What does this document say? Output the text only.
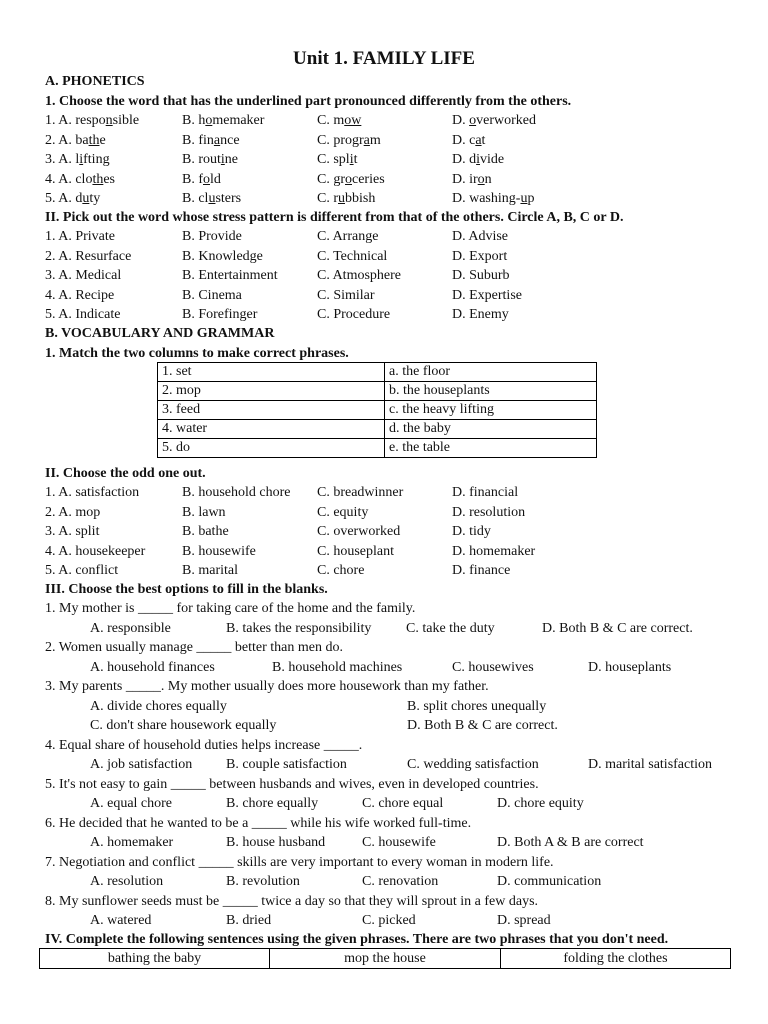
Unit 1. FAMILY LIFE
A. PHONETICS
1. Choose the word that has the underlined part pronounced differently from the others.
1. A. responsible	B. homemaker	C. mow	D. overworked
2. A. bathe	B. finance	C. program	D. cat
3. A. lifting	B. routine	C. split	D. divide
4. A. clothes	B. fold	C. groceries	D. iron
5. A. duty	B. clusters	C. rubbish	D. washing-up
II. Pick out the word whose stress pattern is different from that of the others. Circle A, B, C or D.
1. A. Private	B. Provide	C. Arrange	D. Advise
2. A. Resurface	B. Knowledge	C. Technical	D. Export
3. A. Medical	B. Entertainment	C. Atmosphere	D. Suburb
4. A. Recipe	B. Cinema	C. Similar	D. Expertise
5. A. Indicate	B. Forefinger	C. Procedure	D. Enemy
B. VOCABULARY AND GRAMMAR
1. Match the two columns to make correct phrases.
1. set	a. the floor
2. mop	b. the houseplants
3. feed	c. the heavy lifting
4. water	d. the baby
5. do	e. the table
II. Choose the odd one out.
1. A. satisfaction	B. household chore C. breadwinner	D. financial
2. A. mop	B. lawn	C. equity	D. resolution
3. A. split	B. bathe	C. overworked	D. tidy
4. A. housekeeper	B. housewife	C. houseplant	D. homemaker
5. A. conflict	B. marital	C. chore	D. finance
III. Choose the best options to fill in the blanks.
1. My mother is _____ for taking care of the home and the family.
A. responsible	B. takes the responsibility C. take the duty	D. Both B & C are correct.
2. Women usually manage _____ better than men do.
A. household finances	B. household machines	C. housewives	D. houseplants
3. My parents _____. My mother usually does more housework than my father.
A. divide chores equally	B. split chores unequally
C. don't share housework equally	D. Both B & C are correct.
4. Equal share of household duties helps increase _____.
A. job satisfaction B. couple satisfaction	C. wedding satisfaction	D. marital satisfaction
5. It's not easy to gain _____ between husbands and wives, even in developed countries.
A. equal chore	B. chore equally	C. chore equal	D. chore equity
6. He decided that he wanted to be a _____ while his wife worked full-time.
A. homemaker	B. house husband	C. housewife	D. Both A & B are correct
7. Negotiation and conflict _____ skills are very important to every woman in modern life.
A. resolution	B. revolution	C. renovation	D. communication
8. My sunflower seeds must be _____ twice a day so that they will sprout in a few days.
A. watered	B. dried	C. picked	D. spread
IV. Complete the following sentences using the given phrases. There are two phrases that you don't need.
bathing the baby	mop the house	folding the clothes
